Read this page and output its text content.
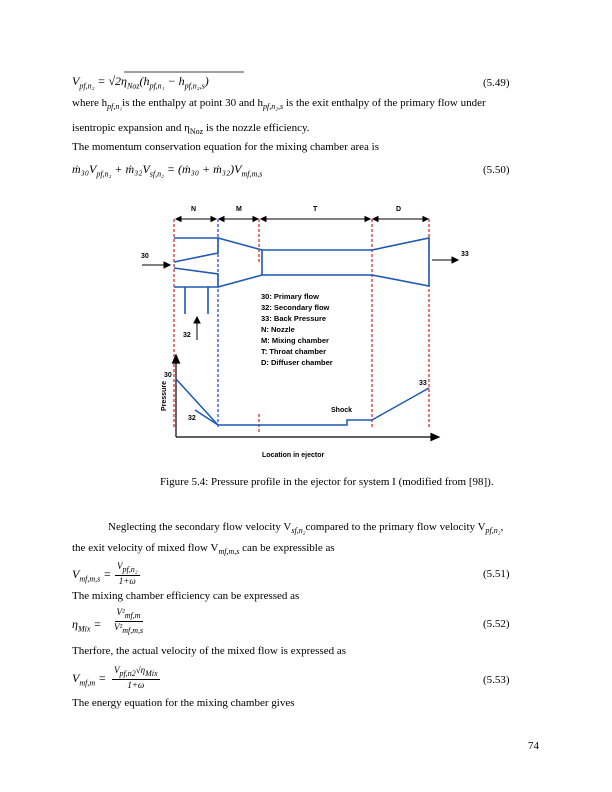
$V_{pf,n_2} = √2\eta_{Noz}(h_{pf,n_1} - h_{pf,n_2,s})$	(5.49)
where $h_{pf,n_1}is$ the enthalpy at point 30 and $h_{pf,n_2,s}$ is the exit enthalpy of the primary flow under
isentropic expansion and $\eta_{Noz}$ is the nozzle efficiency.
The momentum conservation equation for the mixing chamber area is
$ṁ_{30}V_{pf,n_2}$ + $ṁ_{32}V_{sf,n_2}$ = (ṁ₃₀ + $ṁ_{32})V_{mf,m,s}$	(5.50)
N	M	T	D
30	33
32
30: Primary flow
32: Secondary flow
33: Back Pressure
N: Nozzle
M: Mixing chamber
T: Throat chamber
D: Diffuser chamber
Pressure
Location in ejector
30
32
33
Shock
Figure 5.4: Pressure profile in the ejector for system I (modified from [98]).
Neglecting the secondary flow velocity $V_{sf,n_2}compared$ to the primary flow velocity $V_{pf,n_2}$,
the exit velocity of mixed flow $V_{mf,m,s}$ can be expressible as
$V_{mf,m,s}$ =
$V_{pf,n_2}$
1+ω
(5.51)
The mixing chamber efficiency can be expressed as
$\eta_{Mix} = \frac{V^2_{mf,m}}{V^2_{mf,m,s}}$	(5.52)
Therfore, the actual velocity of the mixed flow is expressed as
$V_{mf,m}$ =
$V_{pf,n2}√\eta_{Mix}$
1+ω	(5.53)
The energy equation for the mixing chamber gives
74
